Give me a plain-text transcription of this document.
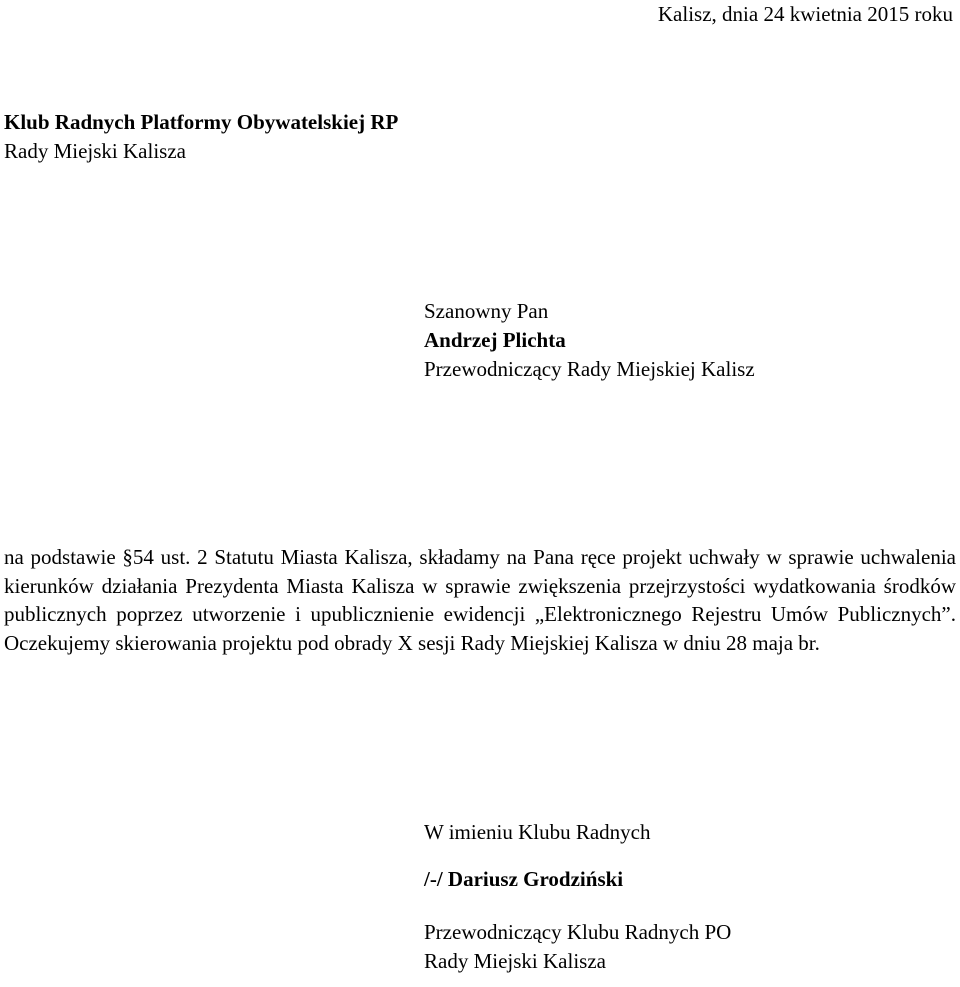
Kalisz, dnia 24 kwietnia 2015 roku
Klub Radnych Platformy Obywatelskiej RP
Rady Miejski Kalisza
Szanowny Pan
Andrzej Plichta
Przewodniczący Rady Miejskiej Kalisz

na podstawie §54 ust. 2 Statutu Miasta Kalisza, składamy na Pana ręce projekt uchwały w sprawie uchwalenia kierunków działania Prezydenta Miasta Kalisza w sprawie zwiększenia przejrzystości wydatkowania środków publicznych poprzez utworzenie i upublicznienie ewidencji „Elektronicznego Rejestru Umów Publicznych”. Oczekujemy skierowania projektu pod obrady X sesji Rady Miejskiej Kalisza w dniu 28 maja br.

W imieniu Klubu Radnych
/-/ Dariusz Grodziński
Przewodniczący Klubu Radnych PO
Rady Miejski Kalisza
